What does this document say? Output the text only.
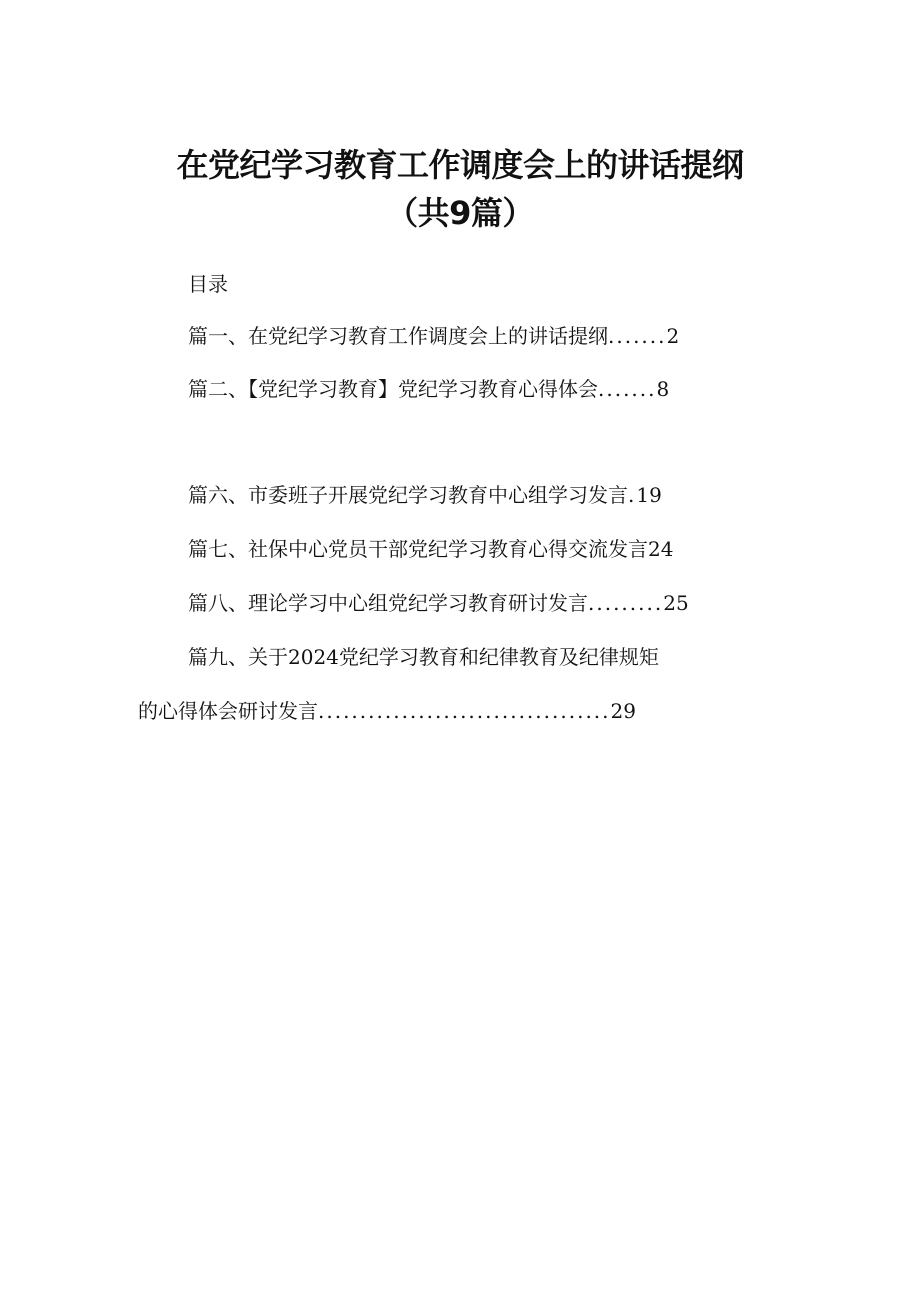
在党纪学习教育工作调度会上的讲话提纲
（共9篇）
目录
篇一、在党纪学习教育工作调度会上的讲话提纲.......2
篇二、【党纪学习教育】党纪学习教育心得体会.......8
篇六、市委班子开展党纪学习教育中心组学习发言.19
篇七、社保中心党员干部党纪学习教育心得交流发言24
篇八、理论学习中心组党纪学习教育研讨发言.........25
篇九、关于2024党纪学习教育和纪律教育及纪律规矩
的心得体会研讨发言...................................29
